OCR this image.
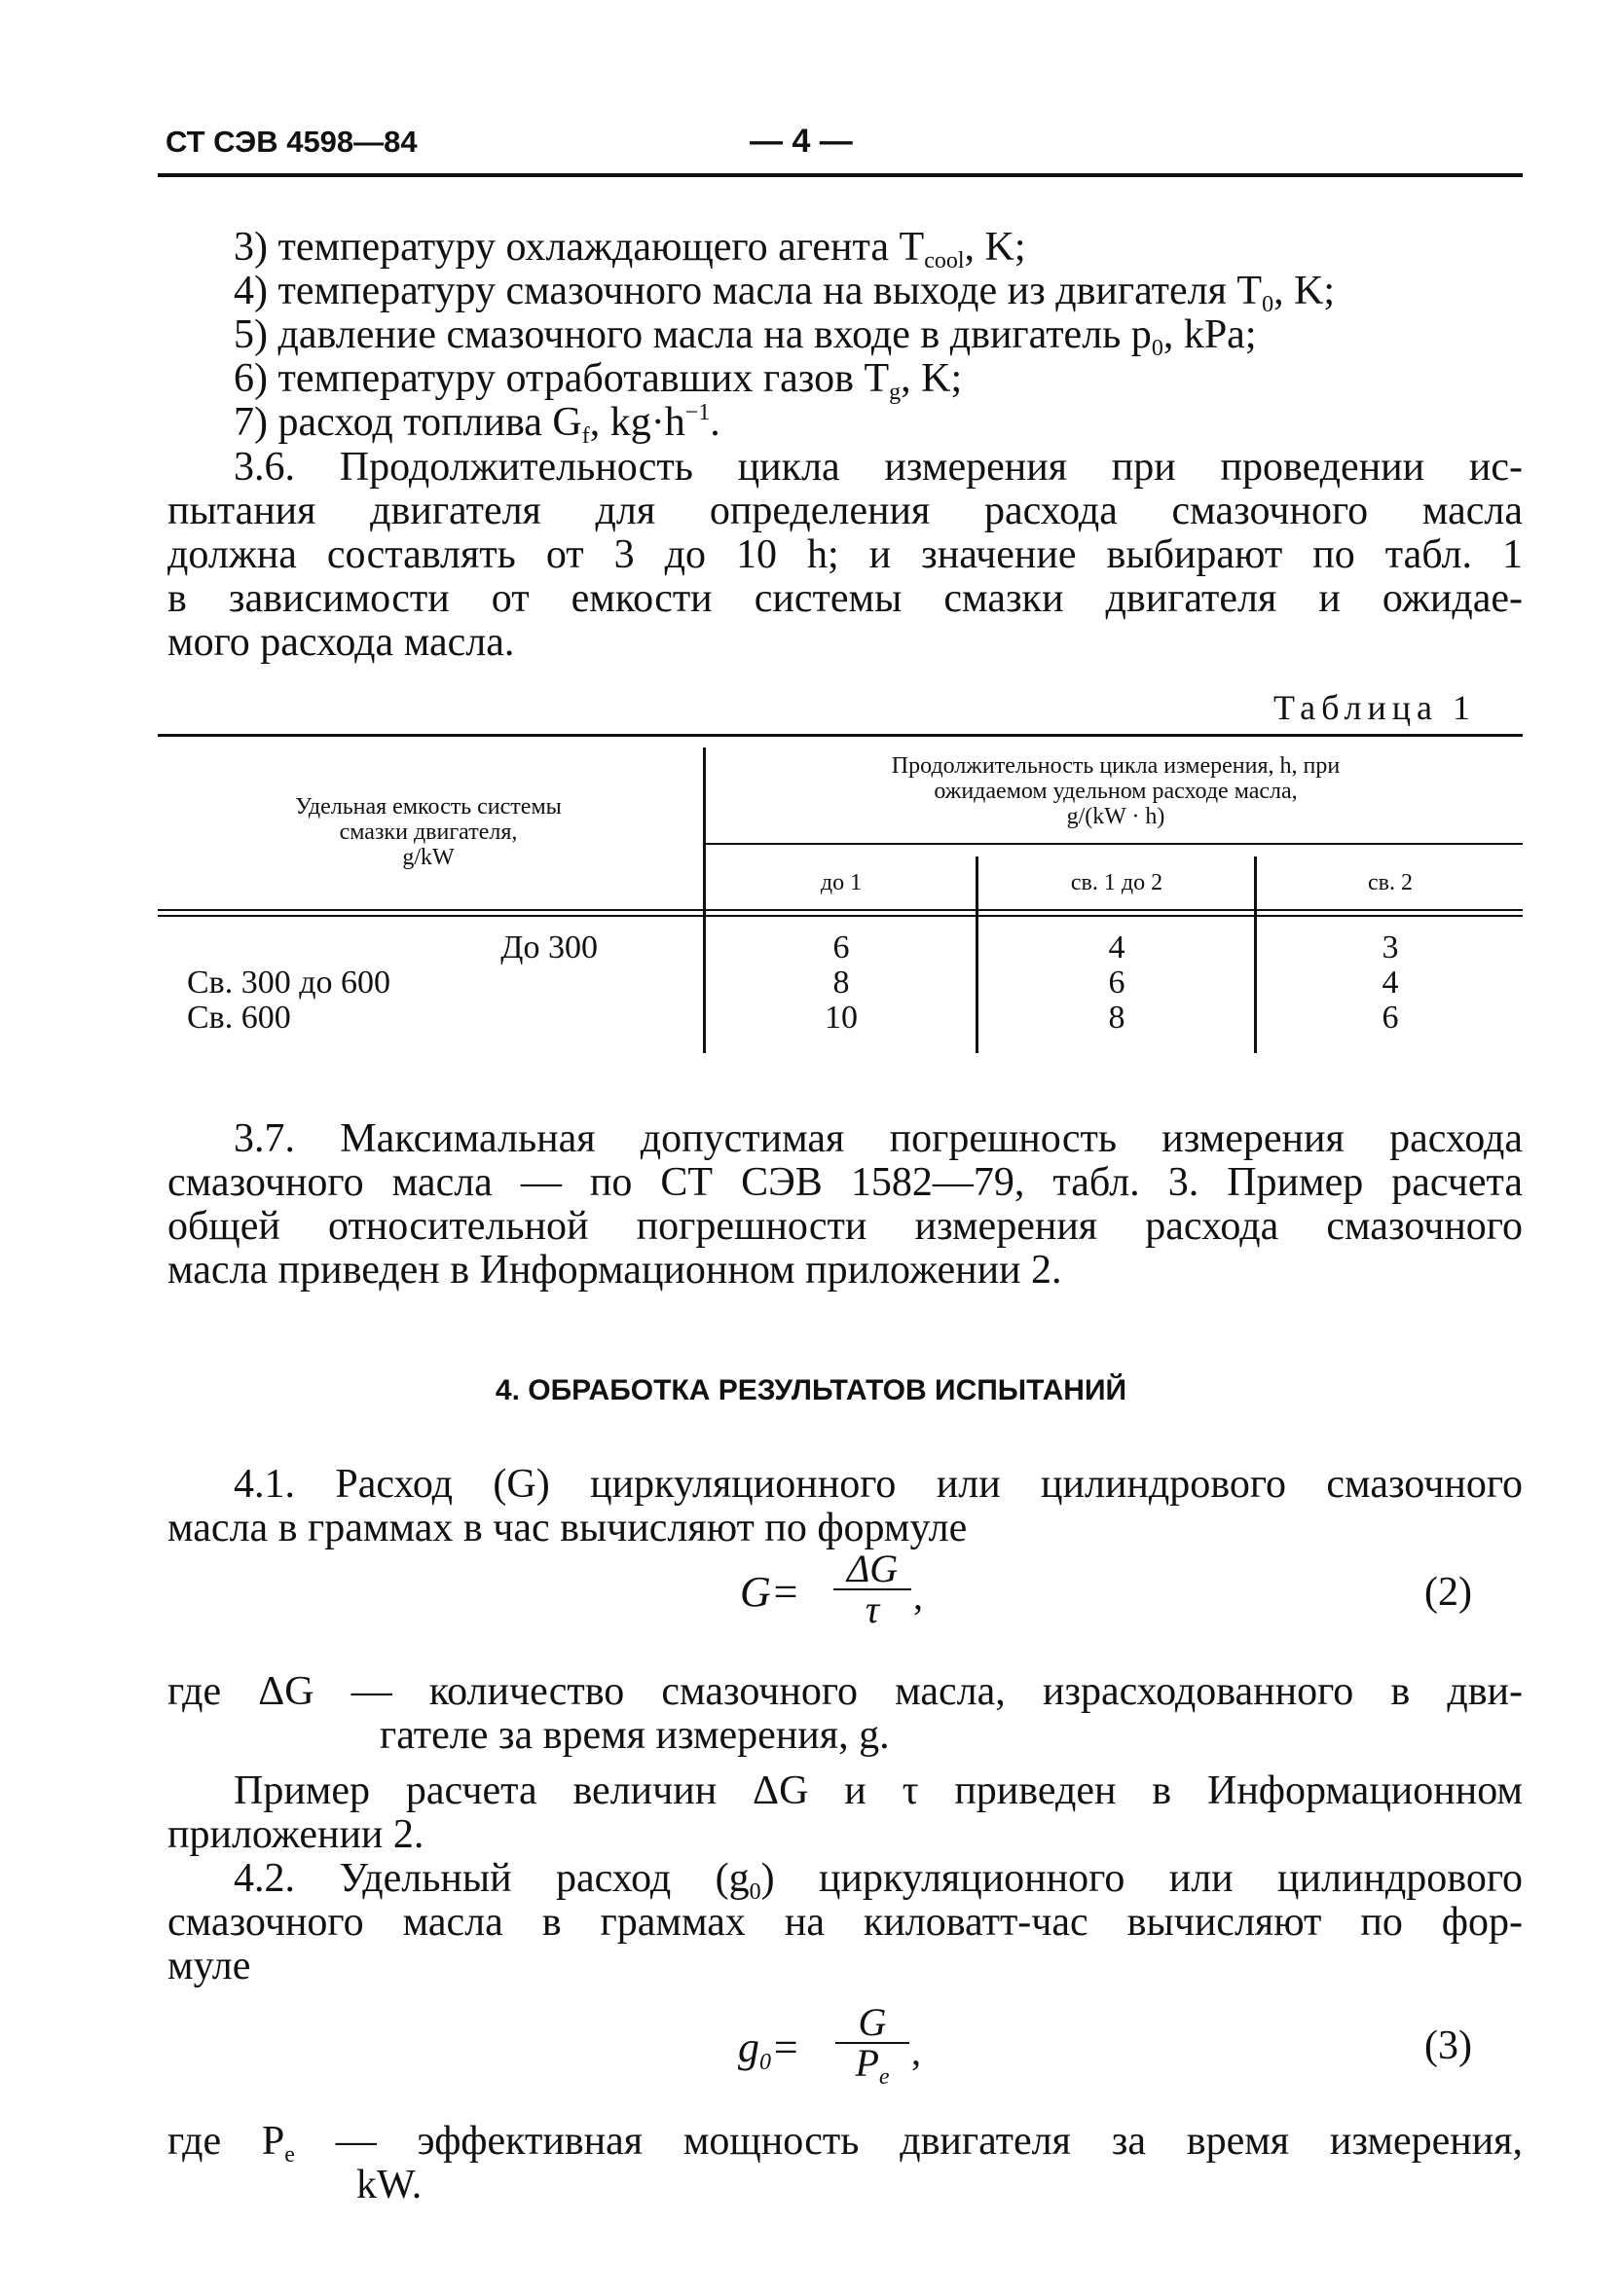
СТ СЭВ 4598—84	— 4 —
3) температуру охлаждающего агента $T_{cool}$, K;
4) температуру смазочного масла на выходе из двигателя $T_0$, K;
5) давление смазочного масла на входе в двигатель $p_0$, kPa;
6) температуру отработавших газов $T_g$, K;
7) расход топлива $G_f$, $kg\cdot h^{-1}$.
3.6. Продолжительность цикла измерения при проведении ис-
пытания двигателя для определения расхода смазочного масла
должна составлять от 3 до 10 h; и значение выбирают по табл. 1
в зависимости от емкости системы смазки двигателя и ожидае-
мого расхода масла.
Таблица 1
Удельная емкость системы
смазки двигателя,
g/kW
Продолжительность цикла измерения, h, при
ожидаемом удельном расходе масла,
g/(kW · h)
до 1	св. 1 до 2	св. 2
До 300	6	4	3
Св. 300 до 600	8	6	4
Св. 600	10	8	6
3.7. Максимальная допустимая погрешность измерения расхода
смазочного масла — по СТ СЭВ 1582—79, табл. 3. Пример расчета
общей относительной погрешности измерения расхода смазочного
масла приведен в Информационном приложении 2.
4. ОБРАБОТКА РЕЗУЛЬТАТОВ ИСПЫТАНИЙ
4.1. Расход (G) циркуляционного или цилиндрового смазочного
масла в граммах в час вычисляют по формуле
$G= \frac{\Delta G}{\tau}$ ,	(2)
где ΔG — количество смазочного масла, израсходованного в дви-
гателе за время измерения, g.
Пример расчета величин ΔG и τ приведен в Информационном
приложении 2.
4.2. Удельный расход $(g_0)$ циркуляционного или цилиндрового
смазочного масла в граммах на киловатт-час вычисляют по фор-
муле
$g_0= \frac{G}{P_e}$ ,	(3)
где $P_e$ — эффективная мощность двигателя за время измерения,
kW.
